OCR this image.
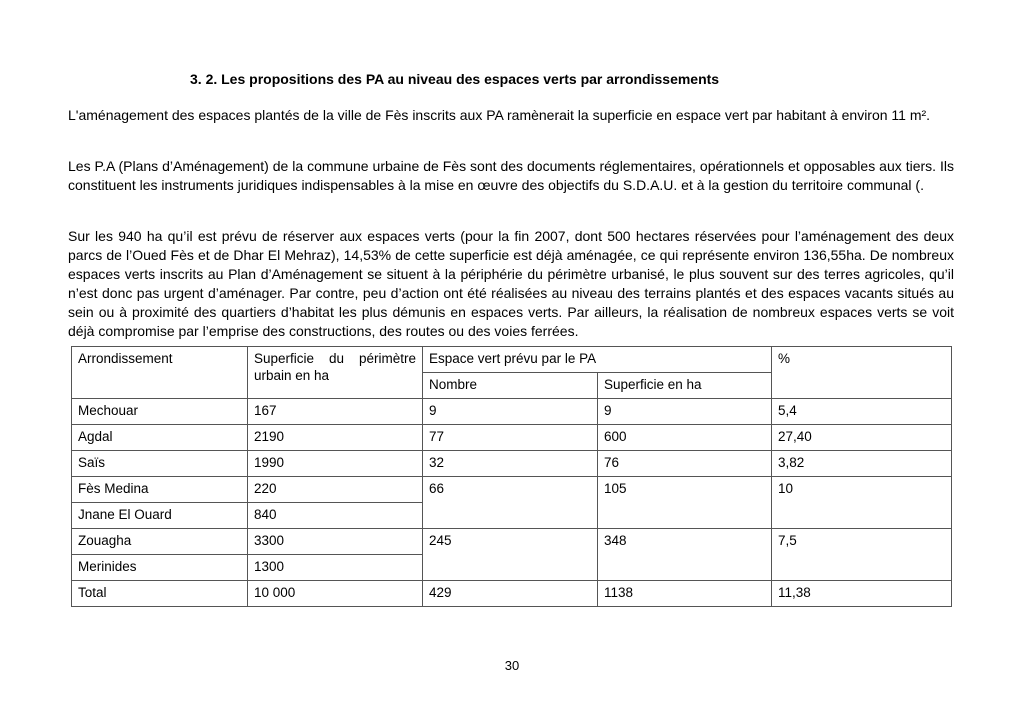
3. 2. Les propositions des PA au niveau des espaces verts par arrondissements

L'aménagement des espaces plantés de la ville de Fès inscrits aux PA ramènerait la superficie en espace vert par habitant à environ 11 m².

Les P.A (Plans d’Aménagement) de la commune urbaine de Fès sont des documents réglementaires, opérationnels et opposables aux tiers. Ils constituent les instruments juridiques indispensables à la mise en œuvre des objectifs du S.D.A.U. et à la gestion du territoire communal (.

Sur les 940 ha qu’il est prévu de réserver aux espaces verts (pour la fin 2007, dont 500 hectares réservées pour l’aménagement des deux parcs de l’Oued Fès et de Dhar El Mehraz), 14,53% de cette superficie est déjà aménagée, ce qui représente environ 136,55ha. De nombreux espaces verts inscrits au Plan d’Aménagement se situent à la périphérie du périmètre urbanisé, le plus souvent sur des terres agricoles, qu’il n’est donc pas urgent d’aménager. Par contre, peu d’action ont été réalisées au niveau des terrains plantés et des espaces vacants situés au sein ou à proximité des quartiers d’habitat les plus démunis en espaces verts. Par ailleurs, la réalisation de nombreux espaces verts se voit déjà compromise par l’emprise des constructions, des routes ou des voies ferrées.

Arrondissement	Superficie du périmètre urbain en ha	Espace vert prévu par le PA		%
		Nombre	Superficie en ha	
Mechouar	167	9	9	5,4
Agdal	2190	77	600	27,40
Saïs	1990	32	76	3,82
Fès Medina	220	66	105	10
Jnane El Ouard	840			
Zouagha	3300	245	348	7,5
Merinides	1300			
Total	10 000	429	1138	11,38
30
